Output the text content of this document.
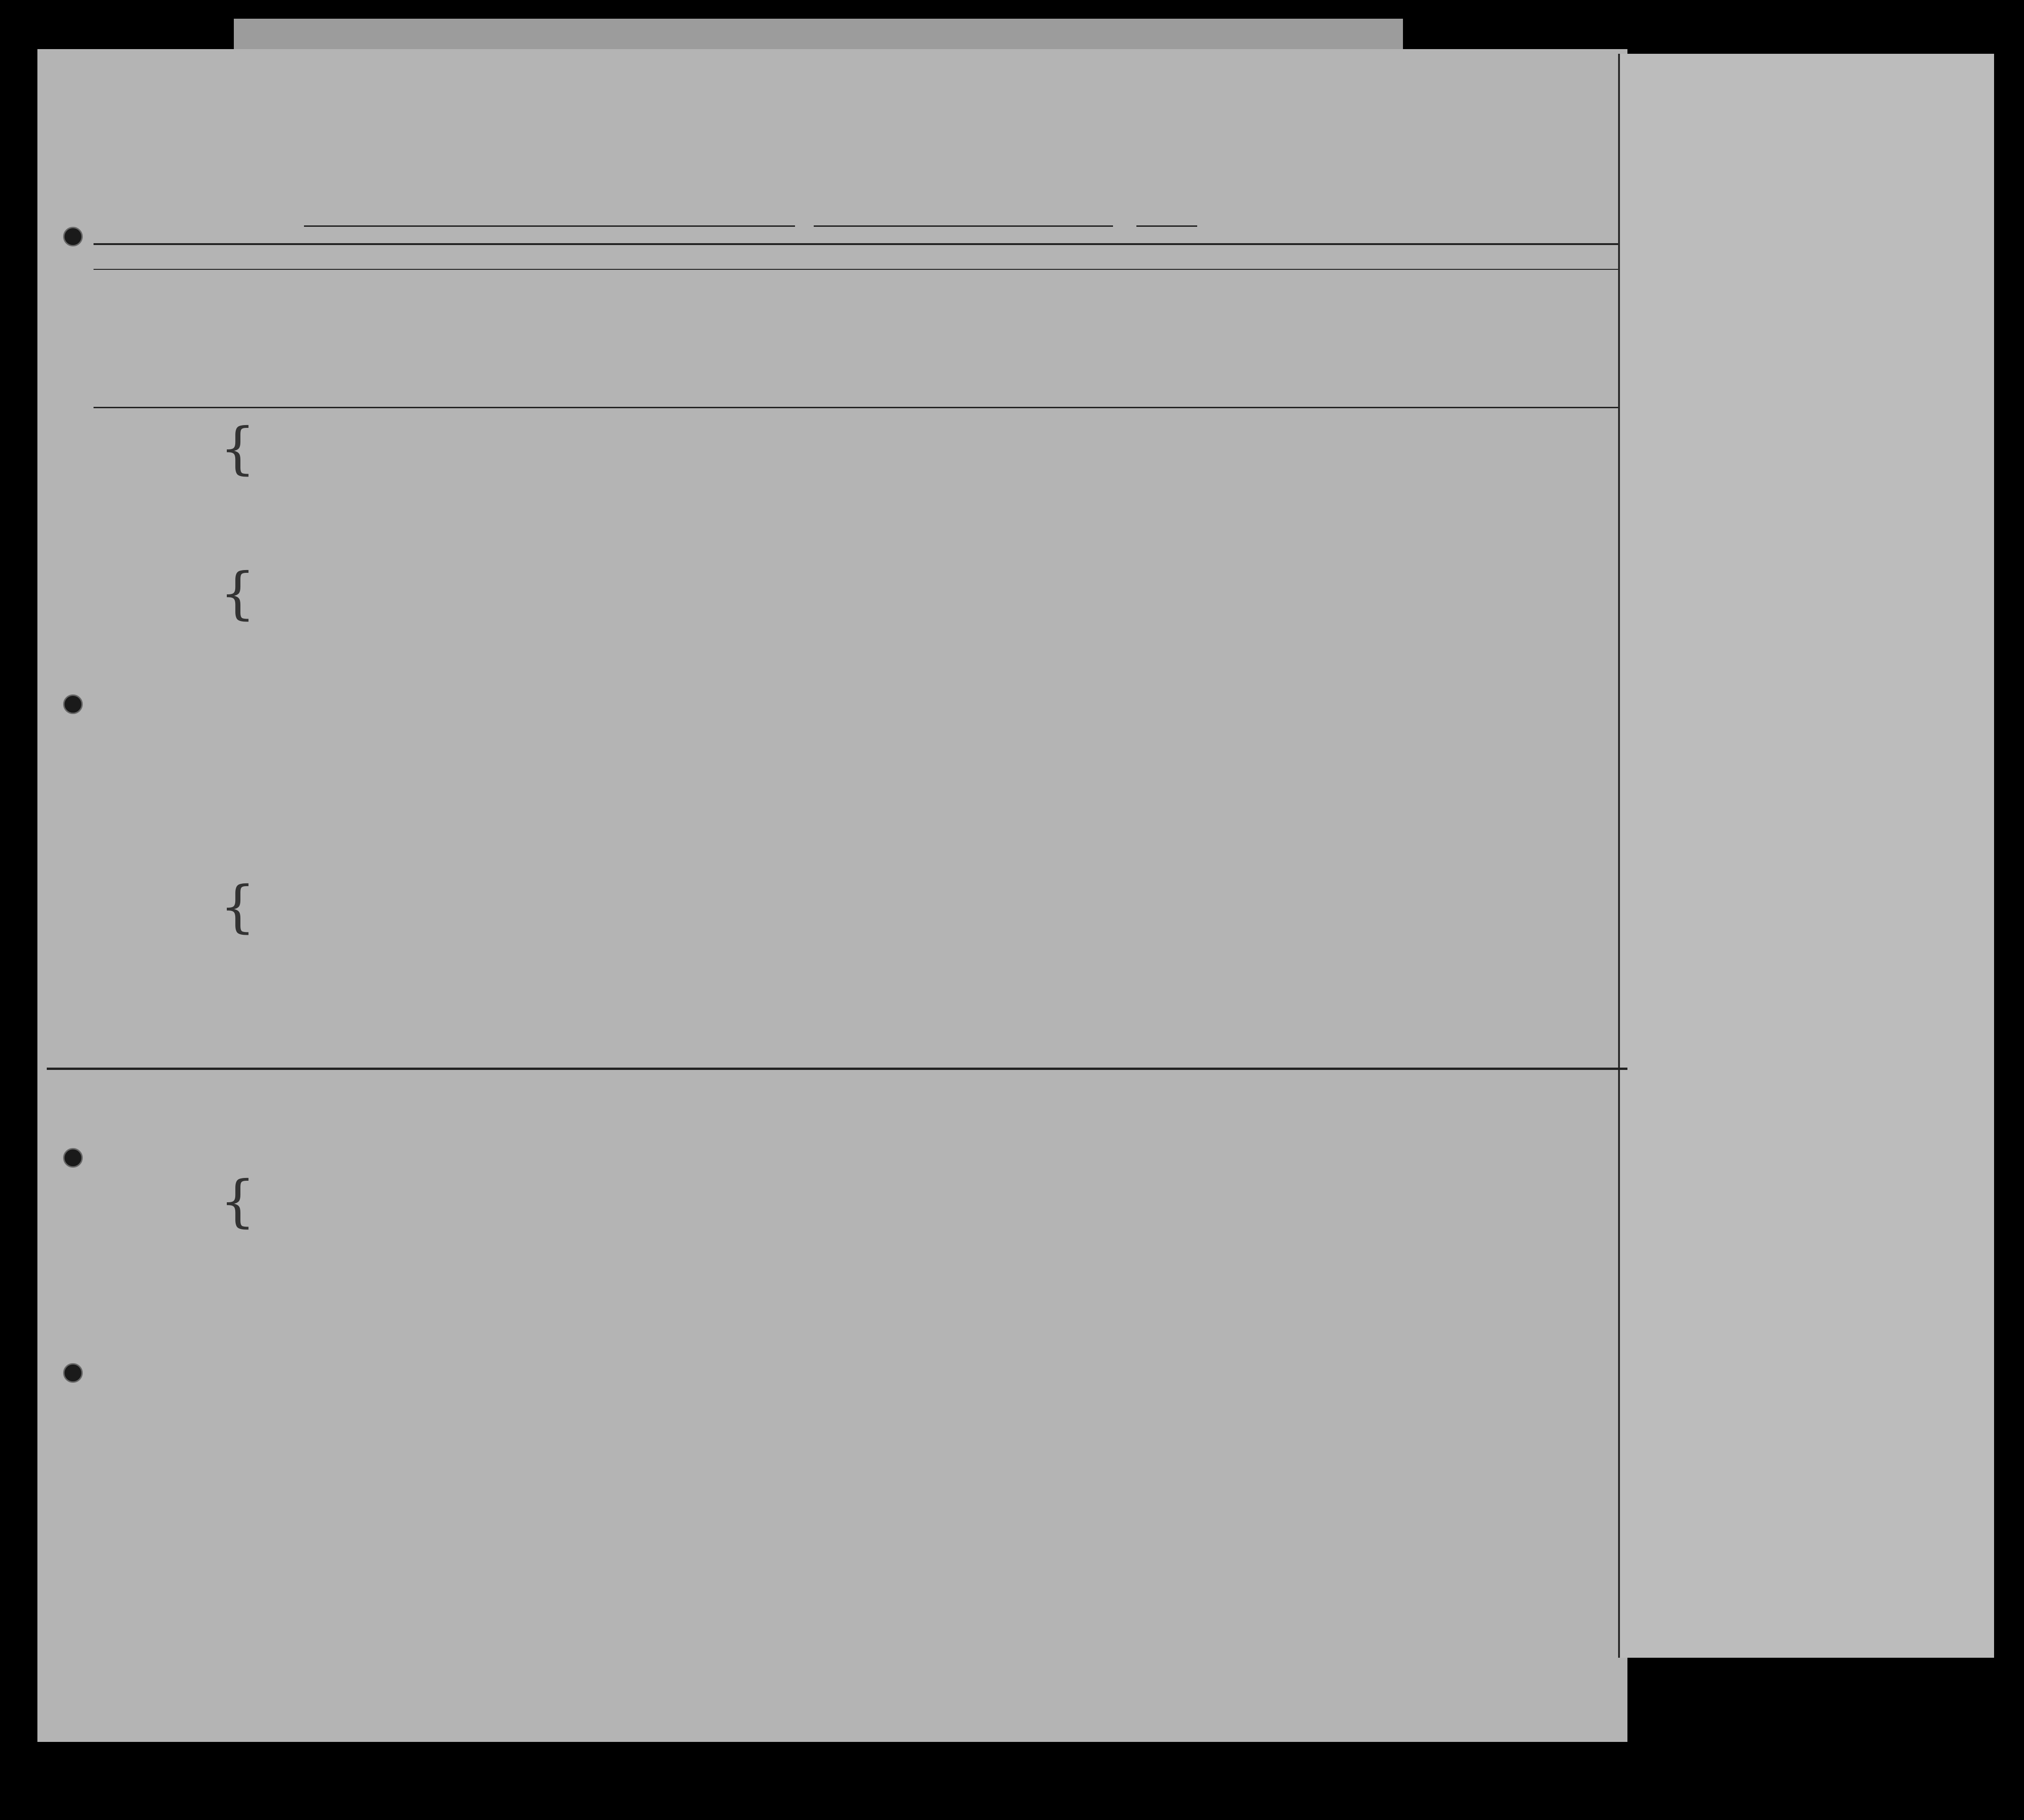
{
{
{
{
